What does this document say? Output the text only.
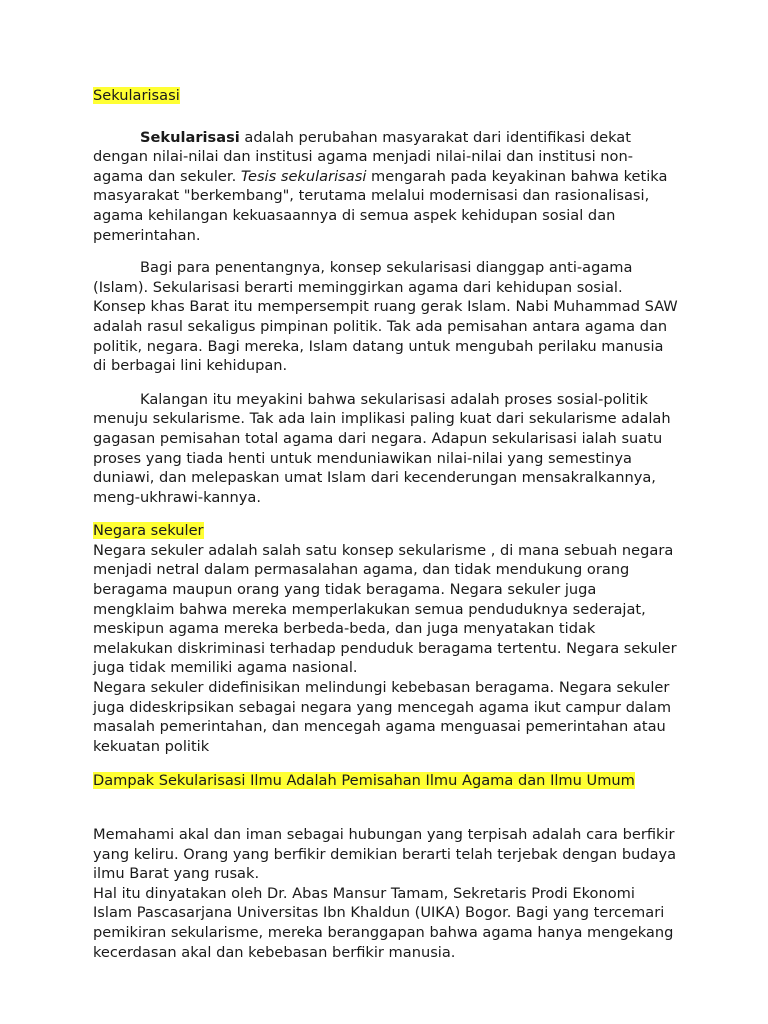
Sekularisasi

Sekularisasi adalah perubahan masyarakat dari identifikasi dekat dengan nilai-nilai dan institusi agama menjadi nilai-nilai dan institusi non-agama dan sekuler. Tesis sekularisasi mengarah pada keyakinan bahwa ketika masyarakat "berkembang", terutama melalui modernisasi dan rasionalisasi, agama kehilangan kekuasaannya di semua aspek kehidupan sosial dan pemerintahan.

Bagi para penentangnya, konsep sekularisasi dianggap anti-agama (Islam). Sekularisasi berarti meminggirkan agama dari kehidupan sosial. Konsep khas Barat itu mempersempit ruang gerak Islam. Nabi Muhammad SAW adalah rasul sekaligus pimpinan politik. Tak ada pemisahan antara agama dan politik, negara. Bagi mereka, Islam datang untuk mengubah perilaku manusia di berbagai lini kehidupan.

Kalangan itu meyakini bahwa sekularisasi adalah proses sosial-politik menuju sekularisme. Tak ada lain implikasi paling kuat dari sekularisme adalah gagasan pemisahan total agama dari negara. Adapun sekularisasi ialah suatu proses yang tiada henti untuk menduniawikan nilai-nilai yang semestinya duniawi, dan melepaskan umat Islam dari kecenderungan mensakralkannya, meng-ukhrawi-kannya.

Negara sekuler

Negara sekuler adalah salah satu konsep sekularisme , di mana sebuah negara menjadi netral dalam permasalahan agama, dan tidak mendukung orang beragama maupun orang yang tidak beragama. Negara sekuler juga mengklaim bahwa mereka memperlakukan semua penduduknya sederajat, meskipun agama mereka berbeda-beda, dan juga menyatakan tidak melakukan diskriminasi terhadap penduduk beragama tertentu. Negara sekuler juga tidak memiliki agama nasional.

Negara sekuler didefinisikan melindungi kebebasan beragama. Negara sekuler juga dideskripsikan sebagai negara yang mencegah agama ikut campur dalam masalah pemerintahan, dan mencegah agama menguasai pemerintahan atau kekuatan politik

Dampak Sekularisasi Ilmu Adalah Pemisahan Ilmu Agama dan Ilmu Umum

Memahami akal dan iman sebagai hubungan yang terpisah adalah cara berfikir yang keliru. Orang yang berfikir demikian berarti telah terjebak dengan budaya ilmu Barat yang rusak.

Hal itu dinyatakan oleh Dr. Abas Mansur Tamam, Sekretaris Prodi Ekonomi Islam Pascasarjana Universitas Ibn Khaldun (UIKA) Bogor. Bagi yang tercemari pemikiran sekularisme, mereka beranggapan bahwa agama hanya mengekang kecerdasan akal dan kebebasan berfikir manusia.
